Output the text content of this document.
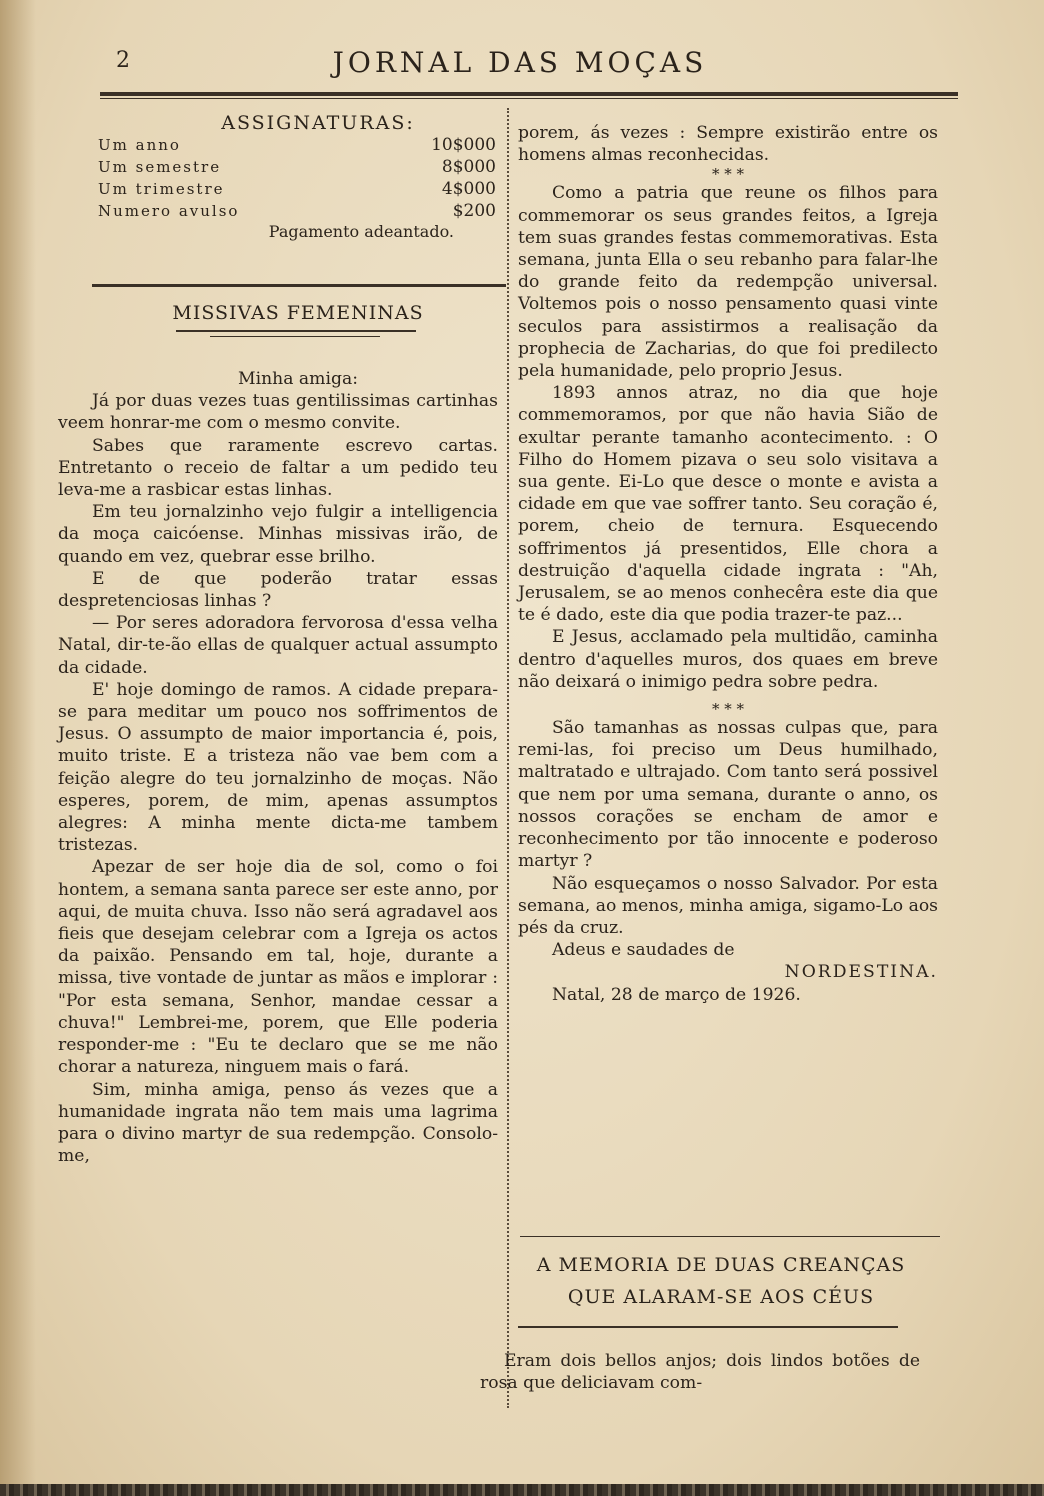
2	JORNAL DAS MOÇAS
ASSIGNATURAS:
Um anno	10$000
Um semestre	8$000
Um trimestre	4$000
Numero avulso	$200
Pagamento adeantado.
MISSIVAS FEMENINAS

Minha amiga:

Já por duas vezes tuas gentilissimas cartinhas veem honrar-me com o mesmo convite.

Sabes que raramente escrevo cartas. Entretanto o receio de faltar a um pedido teu leva-me a rasbicar estas linhas.

Em teu jornalzinho vejo fulgir a intelligencia da moça caicóense. Minhas missivas irão, de quando em vez, quebrar esse brilho.

E de que poderão tratar essas despretenciosas linhas ?

— Por seres adoradora fervorosa d'essa velha Natal, dir-te-ão ellas de qualquer actual assumpto da cidade.

E' hoje domingo de ramos. A cidade prepara-se para meditar um pouco nos soffrimentos de Jesus. O assumpto de maior importancia é, pois, muito triste. E a tristeza não vae bem com a feição alegre do teu jornalzinho de moças. Não esperes, porem, de mim, apenas assumptos alegres: A minha mente dicta-me tambem tristezas.

Apezar de ser hoje dia de sol, como o foi hontem, a semana santa parece ser este anno, por aqui, de muita chuva. Isso não será agradavel aos fieis que desejam celebrar com a Igreja os actos da paixão. Pensando em tal, hoje, durante a missa, tive vontade de juntar as mãos e implorar : "Por esta semana, Senhor, mandae cessar a chuva!" Lembrei-me, porem, que Elle poderia responder-me : "Eu te declaro que se me não chorar a natureza, ninguem mais o fará.

Sim, minha amiga, penso ás vezes que a humanidade ingrata não tem mais uma lagrima para o divino martyr de sua redempção. Consolo-me,

porem, ás vezes : Sempre existirão entre os homens almas reconhecidas.

* * *

Como a patria que reune os filhos para commemorar os seus grandes feitos, a Igreja tem suas grandes festas commemorativas. Esta semana, junta Ella o seu rebanho para falar-lhe do grande feito da redempção universal. Voltemos pois o nosso pensamento quasi vinte seculos para assistirmos a realisação da prophecia de Zacharias, do que foi predilecto pela humanidade, pelo proprio Jesus.

1893 annos atraz, no dia que hoje commemoramos, por que não havia Sião de exultar perante tamanho acontecimento. : O Filho do Homem pizava o seu solo visitava a sua gente. Ei-Lo que desce o monte e avista a cidade em que vae soffrer tanto. Seu coração é, porem, cheio de ternura. Esquecendo soffrimentos já presentidos, Elle chora a destruição d'aquella cidade ingrata : "Ah, Jerusalem, se ao menos conhecêra este dia que te é dado, este dia que podia trazer-te paz...

E Jesus, acclamado pela multidão, caminha dentro d'aquelles muros, dos quaes em breve não deixará o inimigo pedra sobre pedra.

* * *

São tamanhas as nossas culpas que, para remi-las, foi preciso um Deus humilhado, maltratado e ultrajado. Com tanto será possivel que nem por uma semana, durante o anno, os nossos corações se encham de amor e reconhecimento por tão innocente e poderoso martyr ?

Não esqueçamos o nosso Salvador. Por esta semana, ao menos, minha amiga, sigamo-Lo aos pés da cruz.

Adeus e saudades de

NORDESTINA.

Natal, 28 de março de 1926.

A MEMORIA DE DUAS CREANÇAS
QUE ALARAM-SE AOS CÉUS
Eram dois bellos anjos; dois lindos botões de rosa que deliciavam com-
